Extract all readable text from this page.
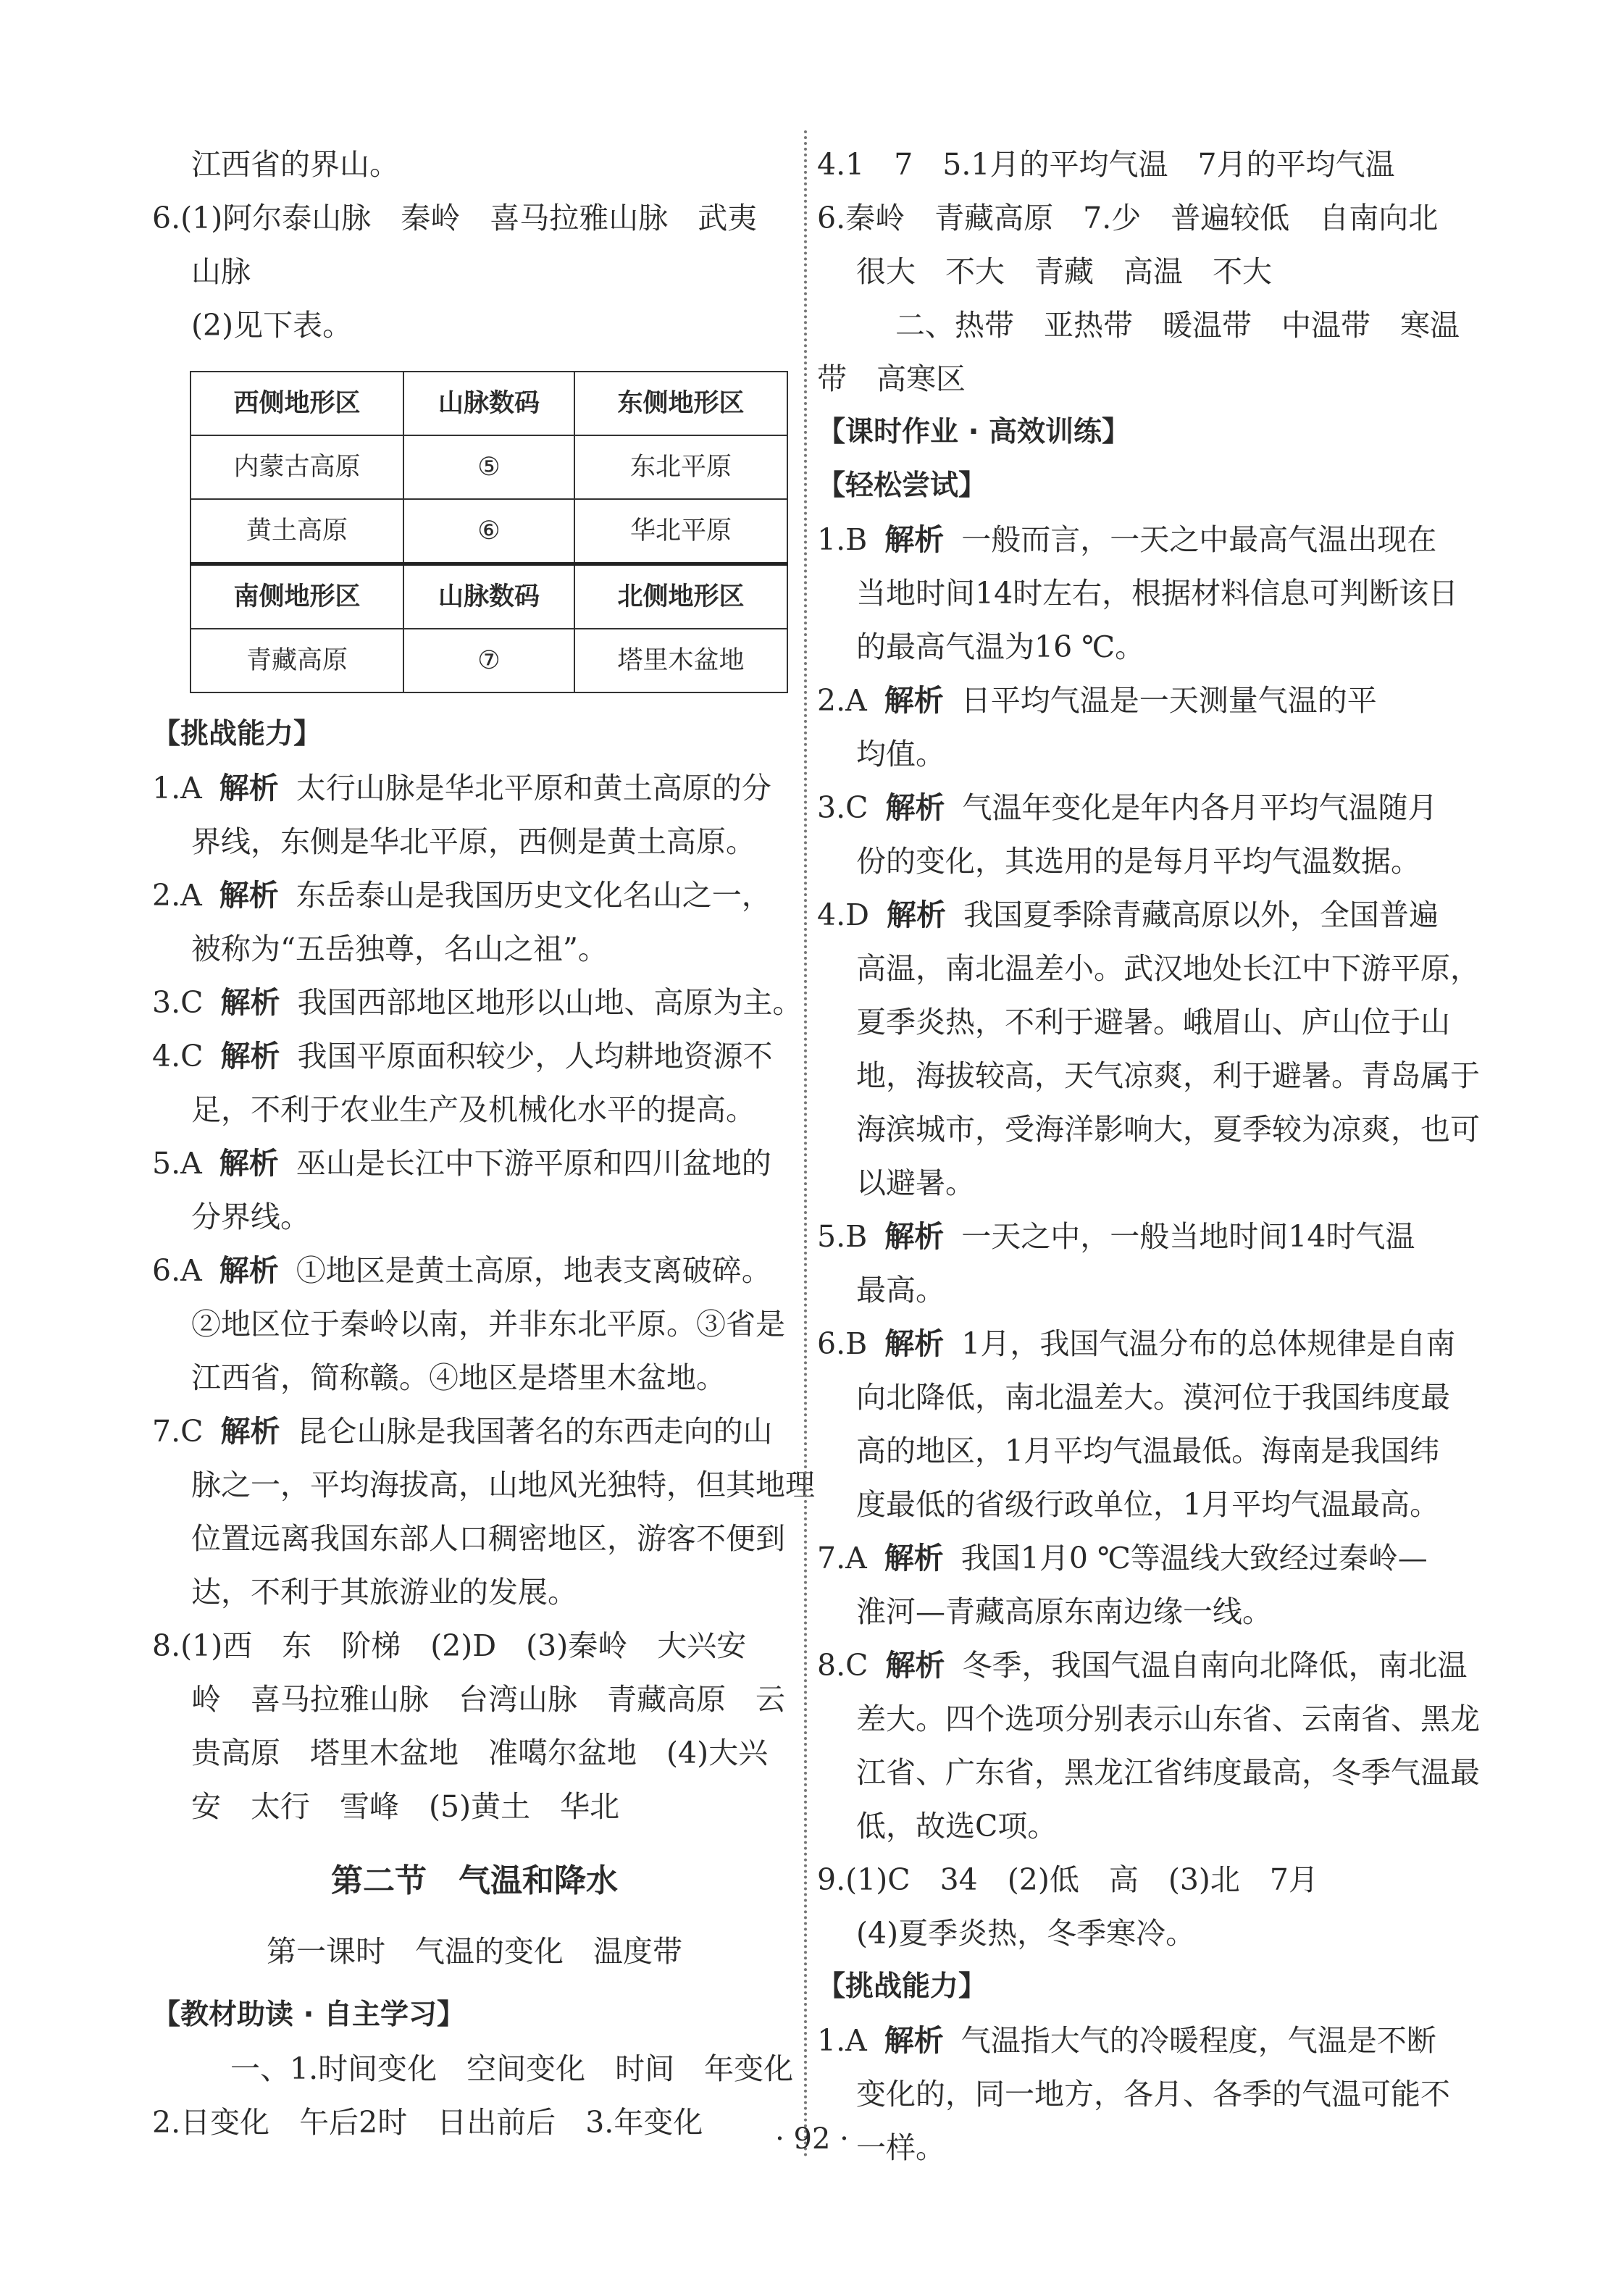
江西省的界山。

6.(1)阿尔泰山脉　秦岭　喜马拉雅山脉　武夷

山脉

(2)见下表。

西侧地形区	山脉数码	东侧地形区
内蒙古高原	⑤	东北平原
黄土高原	⑥	华北平原
南侧地形区	山脉数码	北侧地形区
青藏高原	⑦	塔里木盆地

【挑战能力】

1.A 解析 太行山脉是华北平原和黄土高原的分

界线，东侧是华北平原，西侧是黄土高原。

2.A 解析 东岳泰山是我国历史文化名山之一，

被称为“五岳独尊，名山之祖”。

3.C 解析 我国西部地区地形以山地、高原为主。

4.C 解析 我国平原面积较少，人均耕地资源不

足，不利于农业生产及机械化水平的提高。

5.A 解析 巫山是长江中下游平原和四川盆地的

分界线。

6.A 解析 ①地区是黄土高原，地表支离破碎。

②地区位于秦岭以南，并非东北平原。③省是

江西省，简称赣。④地区是塔里木盆地。

7.C 解析 昆仑山脉是我国著名的东西走向的山

脉之一，平均海拔高，山地风光独特，但其地理

位置远离我国东部人口稠密地区，游客不便到

达，不利于其旅游业的发展。

8.(1)西　东　阶梯　(2)D　(3)秦岭　大兴安

岭　喜马拉雅山脉　台湾山脉　青藏高原　云

贵高原　塔里木盆地　准噶尔盆地　(4)大兴

安　太行　雪峰　(5)黄土　华北

第二节　气温和降水
第一课时　气温的变化　温度带

【教材助读 · 自主学习】

一、1.时间变化　空间变化　时间　年变化

2.日变化　午后2时　日出前后　3.年变化

4.1　7　5.1月的平均气温　7月的平均气温

6.秦岭　青藏高原　7.少　普遍较低　自南向北

很大　不大　青藏　高温　不大

二、热带　亚热带　暖温带　中温带　寒温

带　高寒区

【课时作业 · 高效训练】

【轻松尝试】

1.B 解析 一般而言，一天之中最高气温出现在

当地时间14时左右，根据材料信息可判断该日

的最高气温为16 ℃。

2.A 解析 日平均气温是一天测量气温的平

均值。

3.C 解析 气温年变化是年内各月平均气温随月

份的变化，其选用的是每月平均气温数据。

4.D 解析 我国夏季除青藏高原以外，全国普遍

高温，南北温差小。武汉地处长江中下游平原，

夏季炎热，不利于避暑。峨眉山、庐山位于山

地，海拔较高，天气凉爽，利于避暑。青岛属于

海滨城市，受海洋影响大，夏季较为凉爽，也可

以避暑。

5.B 解析 一天之中，一般当地时间14时气温

最高。

6.B 解析 1月，我国气温分布的总体规律是自南

向北降低，南北温差大。漠河位于我国纬度最

高的地区，1月平均气温最低。海南是我国纬

度最低的省级行政单位，1月平均气温最高。

7.A 解析 我国1月0 ℃等温线大致经过秦岭—

淮河—青藏高原东南边缘一线。

8.C 解析 冬季，我国气温自南向北降低，南北温

差大。四个选项分别表示山东省、云南省、黑龙

江省、广东省，黑龙江省纬度最高，冬季气温最

低，故选C项。

9.(1)C　34　(2)低　高　(3)北　7月

(4)夏季炎热，冬季寒冷。

【挑战能力】

1.A 解析 气温指大气的冷暖程度，气温是不断

变化的，同一地方，各月、各季的气温可能不

一样。

· 92 ·
